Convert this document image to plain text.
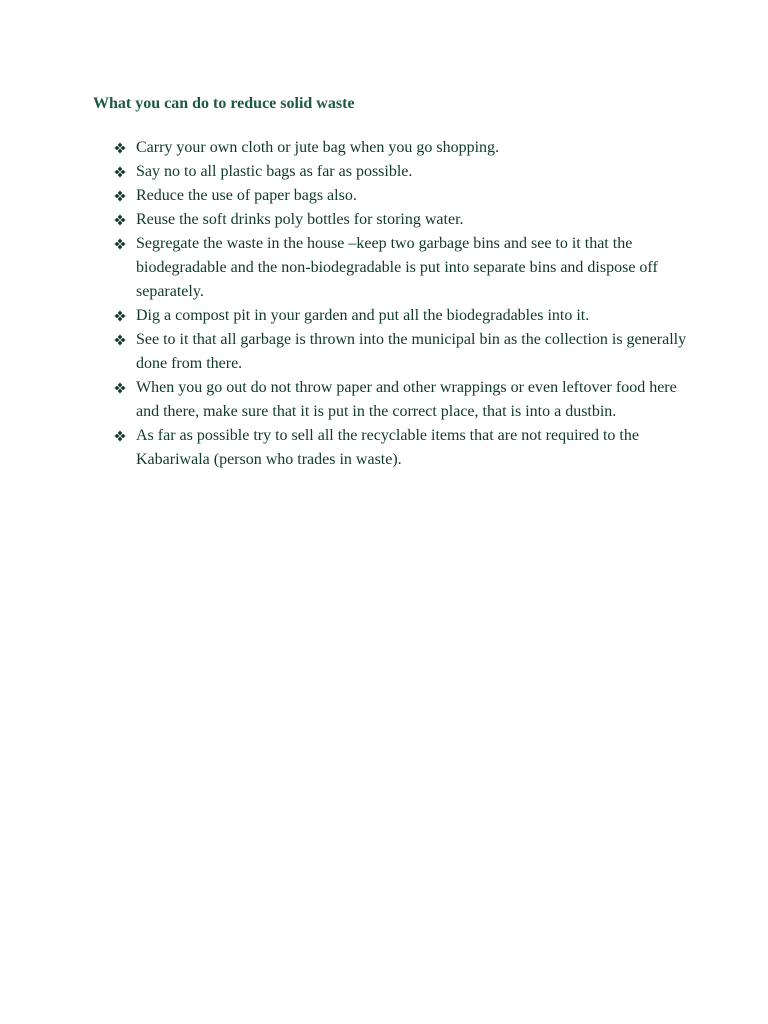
What you can do to reduce solid waste
Carry your own cloth or jute bag when you go shopping.
Say no to all plastic bags as far as possible.
Reduce the use of paper bags also.
Reuse the soft drinks poly bottles for storing water.
Segregate the waste in the house –keep two garbage bins and see to it that the biodegradable and the non-biodegradable is put into separate bins and dispose off separately.
Dig a compost pit in your garden and put all the biodegradables into it.
See to it that all garbage is thrown into the municipal bin as the collection is generally done from there.
When you go out do not throw paper and other wrappings or even leftover food here and there, make sure that it is put in the correct place, that is into a dustbin.
As far as possible try to sell all the recyclable items that are not required to the Kabariwala (person who trades in waste).
